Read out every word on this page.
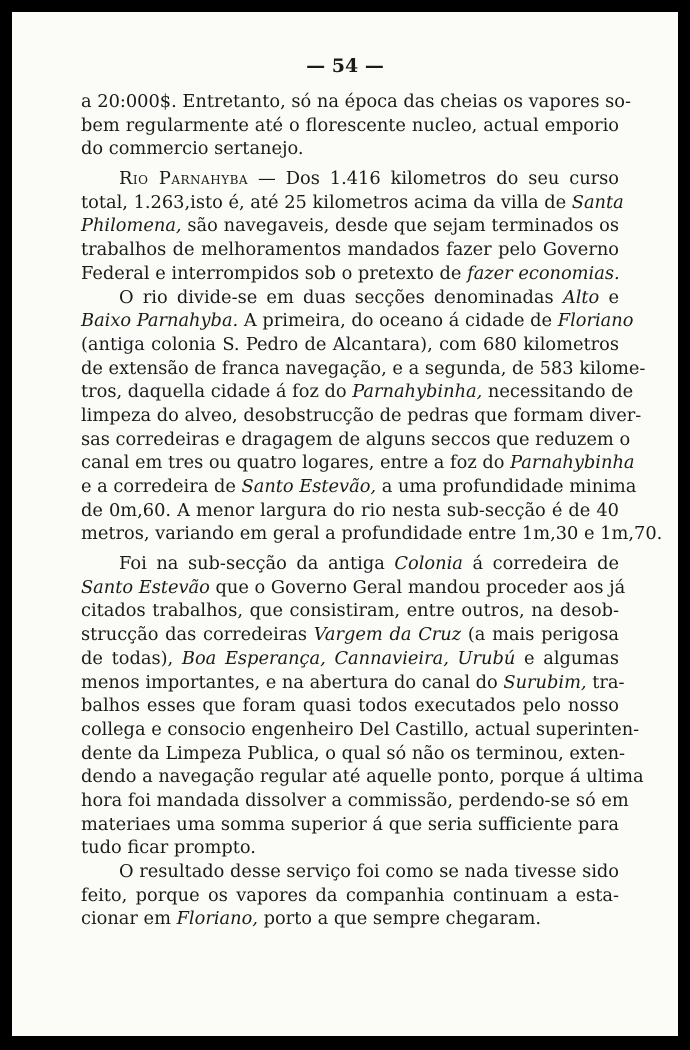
— 54 —
a 20:000$. Entretanto, só na época das cheias os vapores so-
bem regularmente até o florescente nucleo, actual emporio
do commercio sertanejo.
Rio Parnahyba — Dos 1.416 kilometros do seu curso
total, 1.263,isto é, até 25 kilometros acima da villa de Santa
Philomena, são navegaveis, desde que sejam terminados os
trabalhos de melhoramentos mandados fazer pelo Governo
Federal e interrompidos sob o pretexto de fazer economias.
O rio divide-se em duas secções denominadas Alto e
Baixo Parnahyba. A primeira, do oceano á cidade de Floriano
(antiga colonia S. Pedro de Alcantara), com 680 kilometros
de extensão de franca navegação, e a segunda, de 583 kilome-
tros, daquella cidade á foz do Parnahybinha, necessitando de
limpeza do alveo, desobstrucção de pedras que formam diver-
sas corredeiras e dragagem de alguns seccos que reduzem o
canal em tres ou quatro logares, entre a foz do Parnahybinha
e a corredeira de Santo Estevão, a uma profundidade minima
de 0m,60. A menor largura do rio nesta sub-secção é de 40
metros, variando em geral a profundidade entre 1m,30 e 1m,70.
Foi na sub-secção da antiga Colonia á corredeira de
Santo Estevão que o Governo Geral mandou proceder aos já
citados trabalhos, que consistiram, entre outros, na desob-
strucção das corredeiras Vargem da Cruz (a mais perigosa
de todas), Boa Esperança, Cannavieira, Urubú e algumas
menos importantes, e na abertura do canal do Surubim, tra-
balhos esses que foram quasi todos executados pelo nosso
collega e consocio engenheiro Del Castillo, actual superinten-
dente da Limpeza Publica, o qual só não os terminou, exten-
dendo a navegação regular até aquelle ponto, porque á ultima
hora foi mandada dissolver a commissão, perdendo-se só em
materiaes uma somma superior á que seria sufficiente para
tudo ficar prompto.
O resultado desse serviço foi como se nada tivesse sido
feito, porque os vapores da companhia continuam a esta-
cionar em Floriano, porto a que sempre chegaram.
